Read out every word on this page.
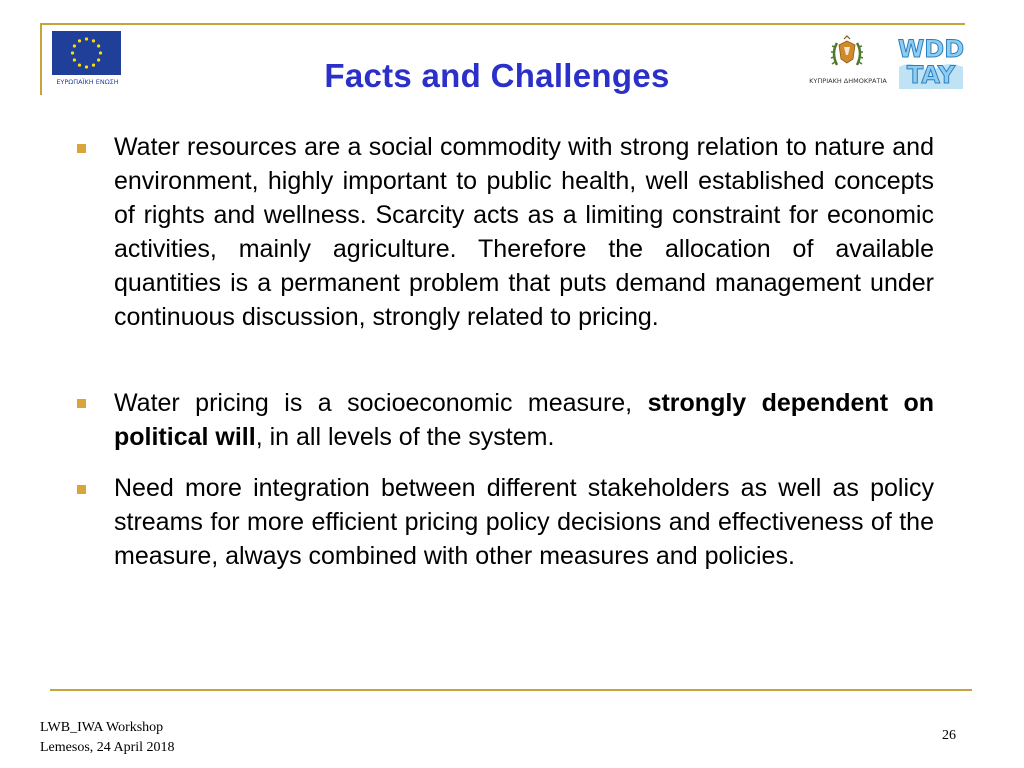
ΕΥΡΩΠΑΪΚΗ ΕΝΩΣΗ	Facts and Challenges	ΚΥΠΡΙΑΚΗ ΔΗΜΟΚΡΑΤΙΑ
WDD
TAY

Water resources are a social commodity with strong relation to nature and environment, highly important to public health, well established concepts of rights and wellness. Scarcity acts as a limiting constraint for economic activities, mainly agriculture. Therefore the allocation of available quantities is a permanent problem that puts demand management under continuous discussion, strongly related to pricing.

Water pricing is a socioeconomic measure, strongly dependent on political will, in all levels of the system.

Need more integration between different stakeholders as well as policy streams for more efficient pricing policy decisions and effectiveness of the measure, always combined with other measures and policies.

LWB_IWA Workshop
Lemesos, 24 April 2018
26
